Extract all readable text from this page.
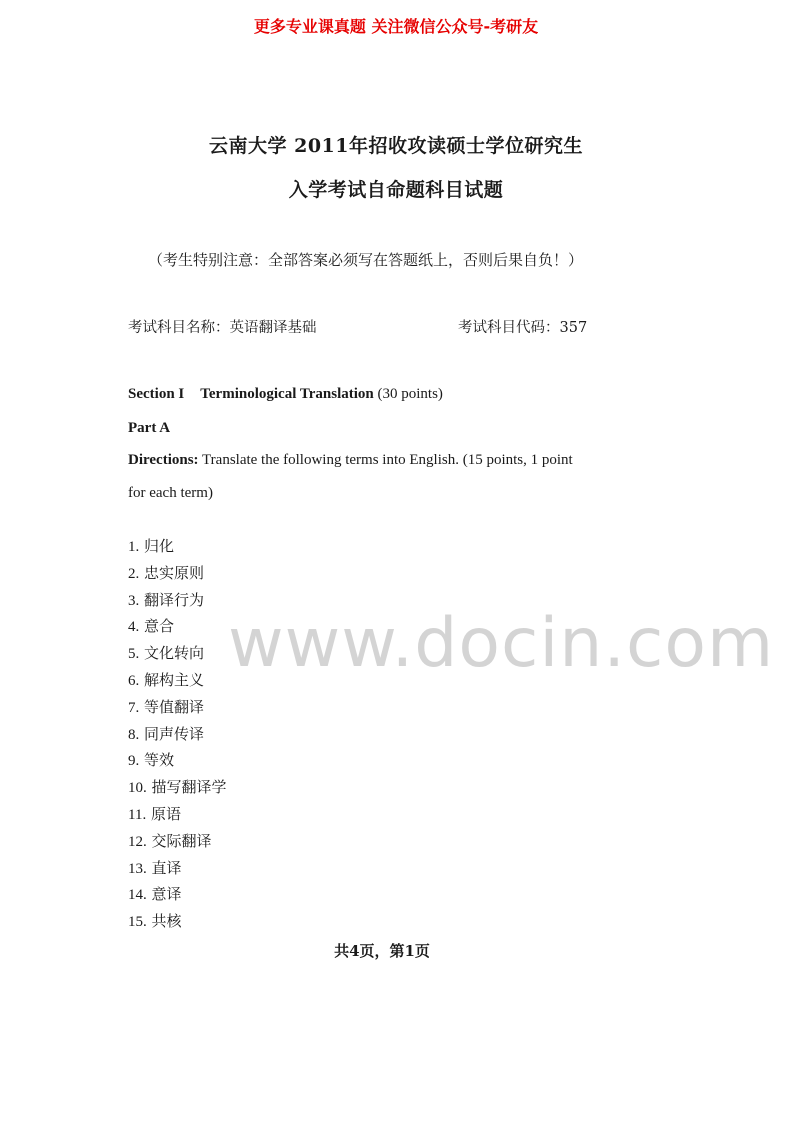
更多专业课真题 关注微信公众号-考研友
云南大学 2011年招收攻读硕士学位研究生
入学考试自命题科目试题
（考生特别注意：全部答案必须写在答题纸上，否则后果自负！）
考试科目名称：英语翻译基础	考试科目代码：357
Section I Terminological Translation (30 points)
Part A
Directions: Translate the following terms into English. (15 points, 1 point
for each term)
1. 归化
2. 忠实原则
3. 翻译行为
4. 意合
5. 文化转向
6. 解构主义
7. 等值翻译
8. 同声传译
9. 等效
10. 描写翻译学
11. 原语
12. 交际翻译
13. 直译
14. 意译
15. 共核
共4页，第1页
www.docin.com
